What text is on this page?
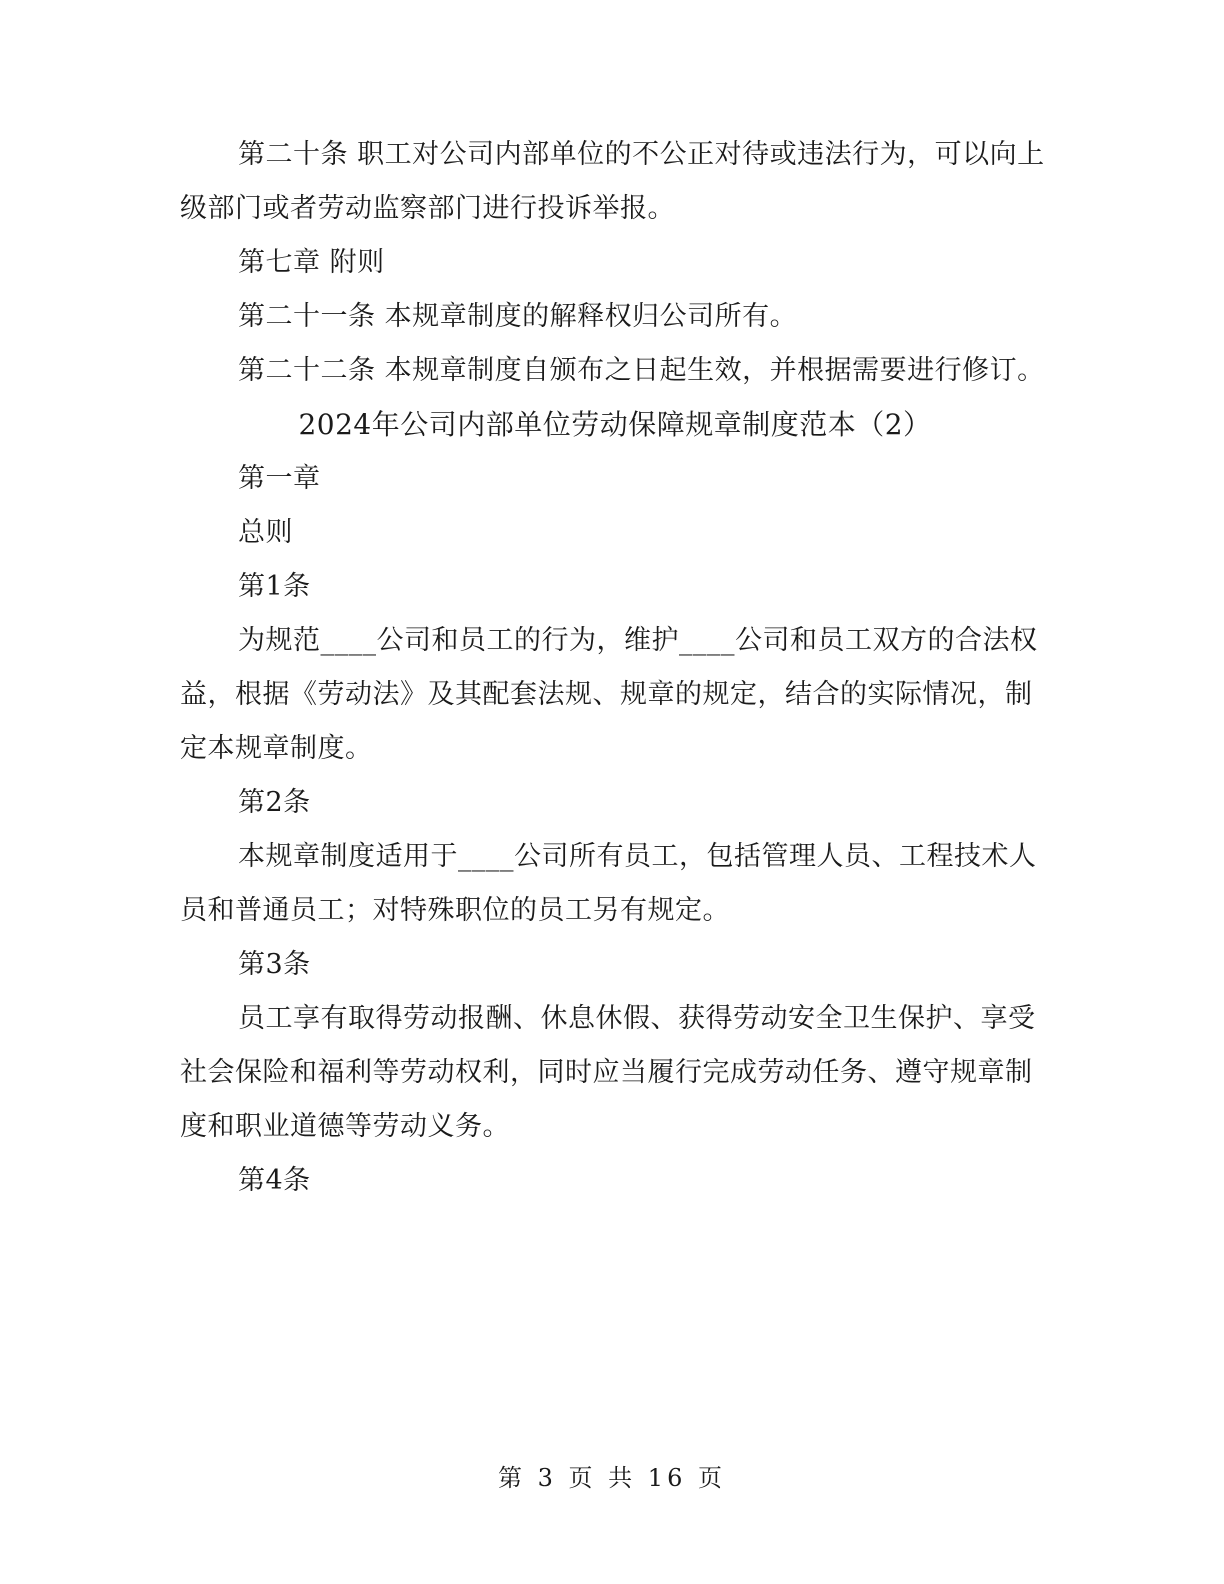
第二十条 职工对公司内部单位的不公正对待或违法行为，可以向上级部门或者劳动监察部门进行投诉举报。

第七章 附则

第二十一条 本规章制度的解释权归公司所有。

第二十二条 本规章制度自颁布之日起生效，并根据需要进行修订。

2024年公司内部单位劳动保障规章制度范本（2）

第一章

总则

第1条

为规范____公司和员工的行为，维护____公司和员工双方的合法权益，根据《劳动法》及其配套法规、规章的规定，结合的实际情况，制定本规章制度。

第2条

本规章制度适用于____公司所有员工，包括管理人员、工程技术人员和普通员工；对特殊职位的员工另有规定。

第3条

员工享有取得劳动报酬、休息休假、获得劳动安全卫生保护、享受社会保险和福利等劳动权利，同时应当履行完成劳动任务、遵守规章制度和职业道德等劳动义务。

第4条

第 3 页 共 16 页
